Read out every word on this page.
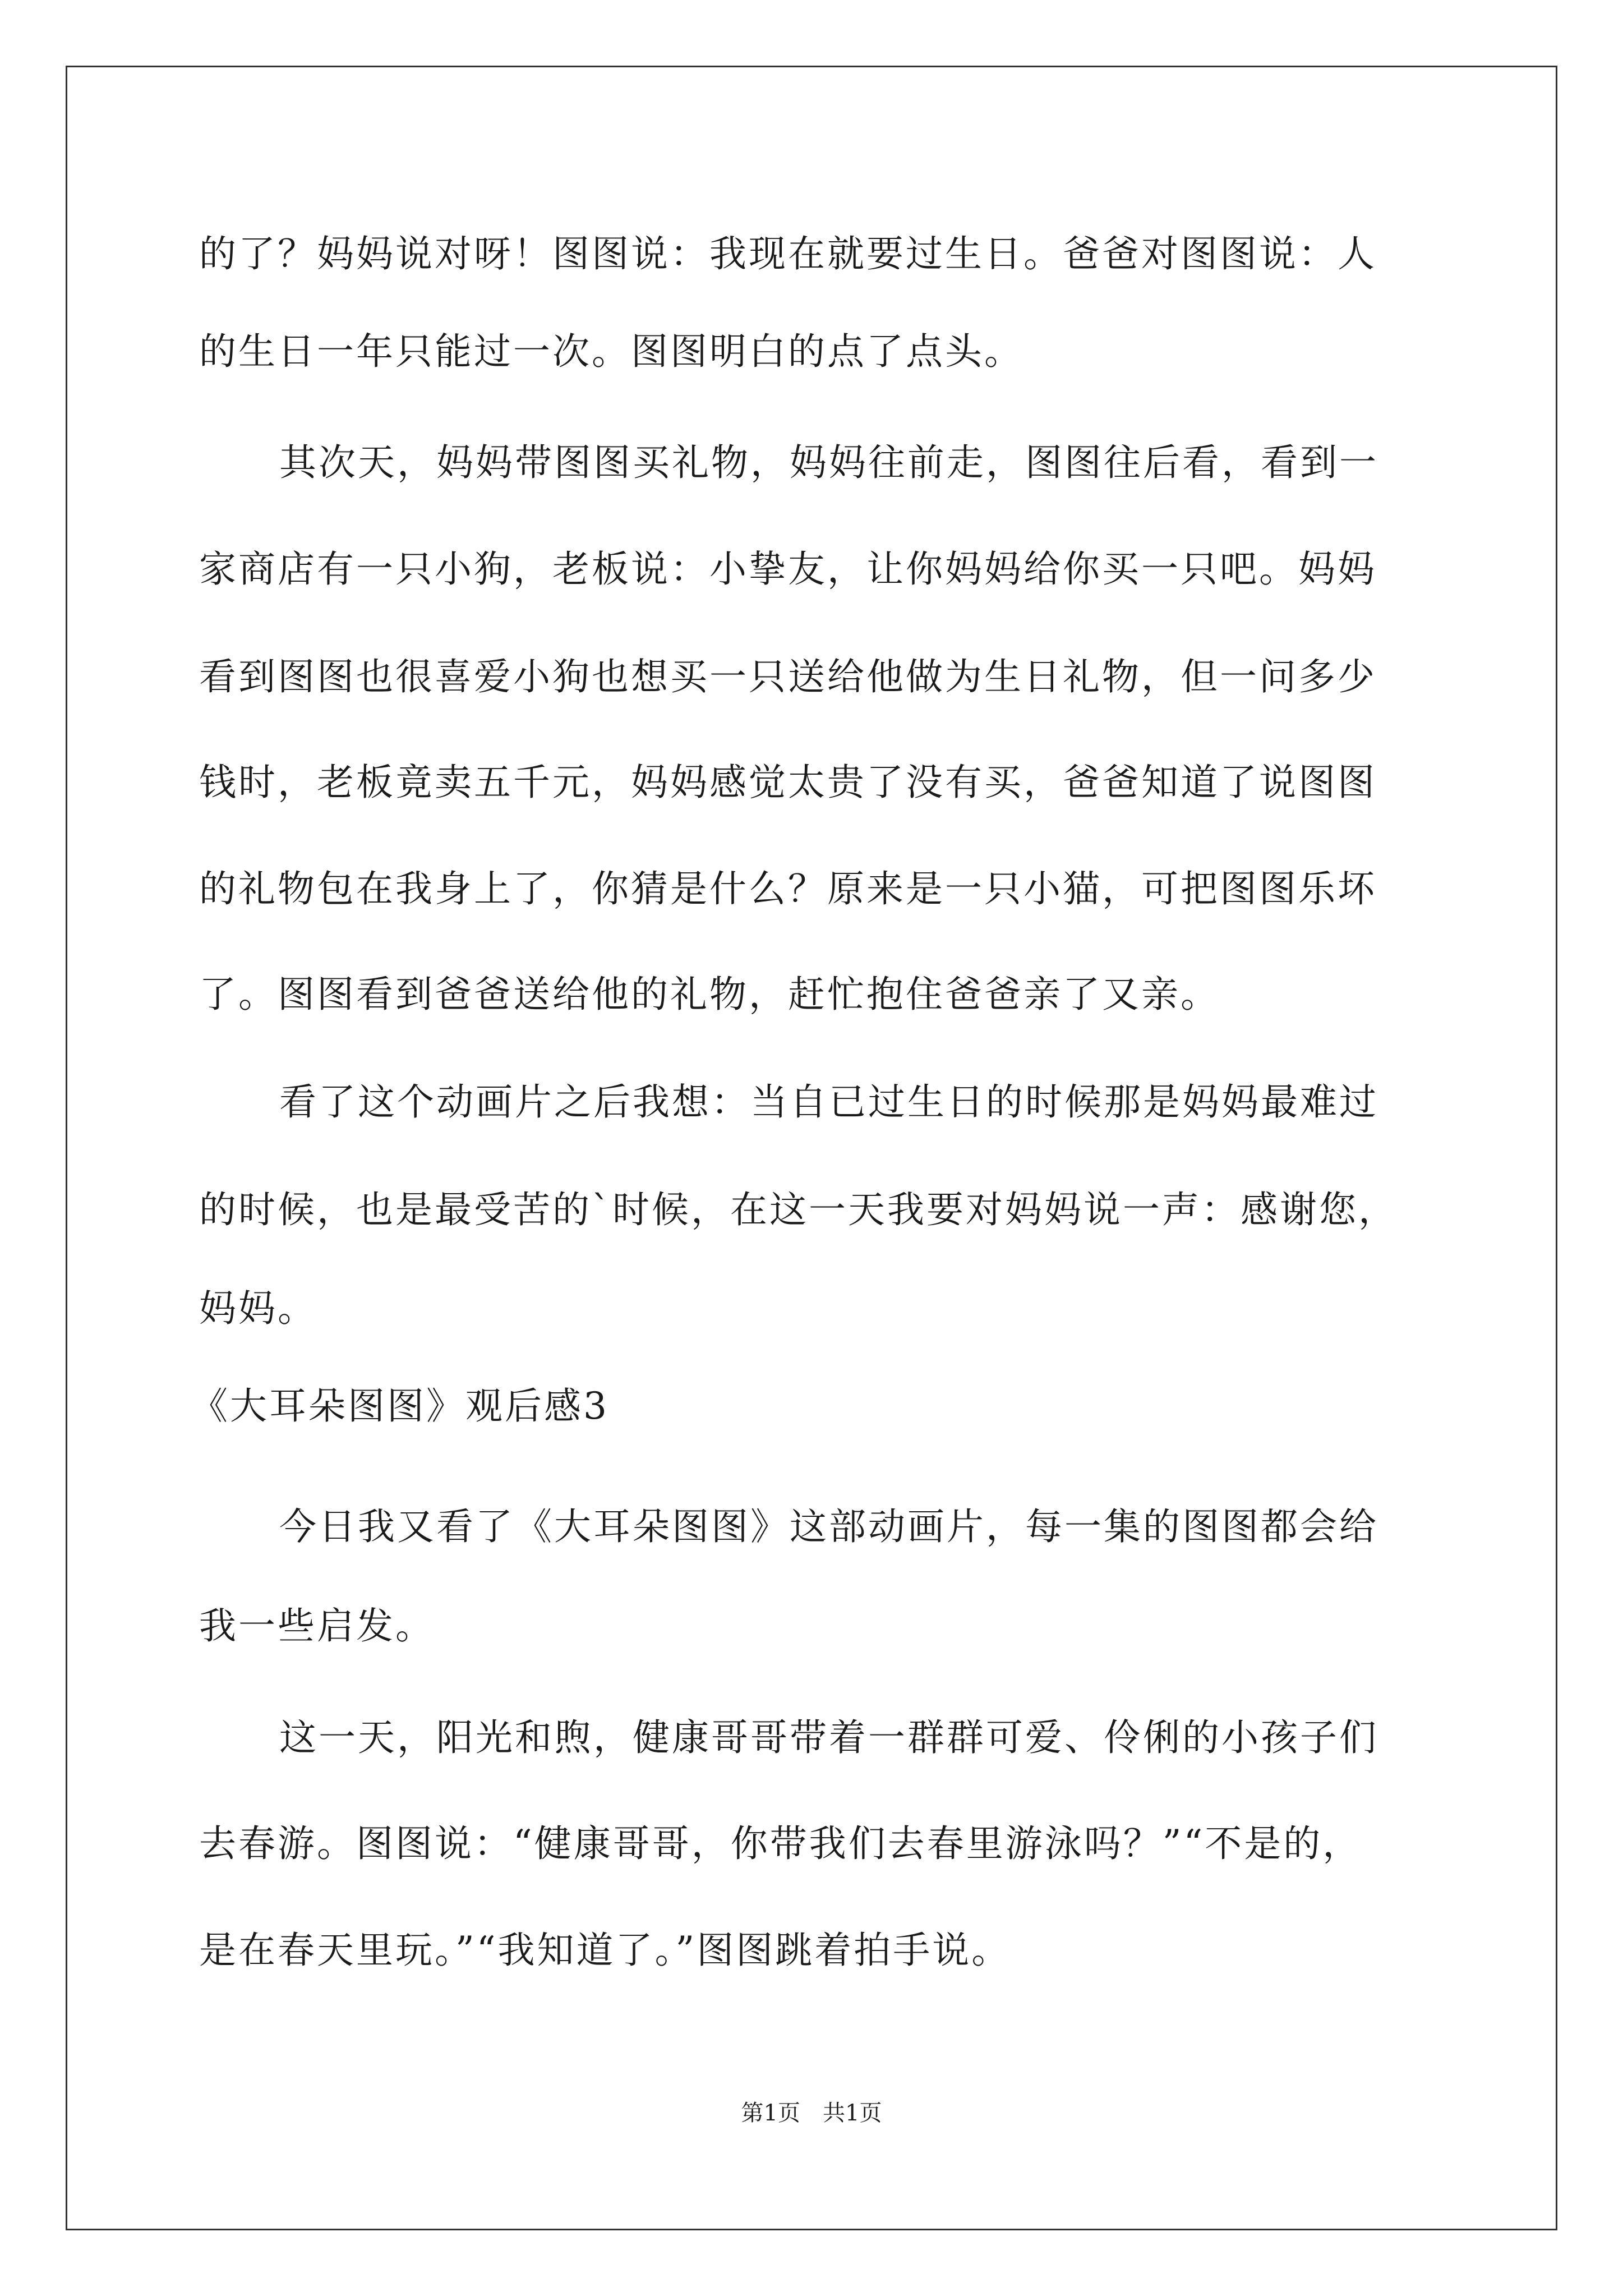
的了？妈妈说对呀！图图说：我现在就要过生日。爸爸对图图说：人
的生日一年只能过一次。图图明白的点了点头。
其次天，妈妈带图图买礼物，妈妈往前走，图图往后看，看到一
家商店有一只小狗，老板说：小挚友，让你妈妈给你买一只吧。妈妈
看到图图也很喜爱小狗也想买一只送给他做为生日礼物，但一问多少
钱时，老板竟卖五千元，妈妈感觉太贵了没有买，爸爸知道了说图图
的礼物包在我身上了，你猜是什么？原来是一只小猫，可把图图乐坏
了。图图看到爸爸送给他的礼物，赶忙抱住爸爸亲了又亲。
看了这个动画片之后我想：当自已过生日的时候那是妈妈最难过
的时候，也是最受苦的`时候，在这一天我要对妈妈说一声：感谢您，
妈妈。
《大耳朵图图》观后感3
今日我又看了《大耳朵图图》这部动画片，每一集的图图都会给
我一些启发。
这一天，阳光和煦，健康哥哥带着一群群可爱、伶俐的小孩子们
去春游。图图说：“健康哥哥，你带我们去春里游泳吗？”“不是的，
是在春天里玩。”“我知道了。”图图跳着拍手说。
第1页　共1页
